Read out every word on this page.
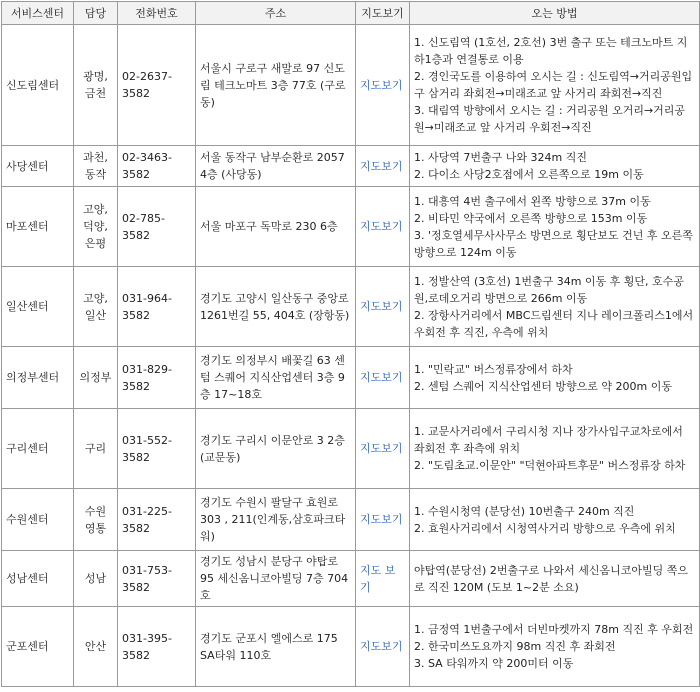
서비스센터	담당	전화번호	주소	지도보기	오는 방법
신도림센터	광명, 금천	02-2637-3582	서울시 구로구 새말로 97 신도림 테크노마트 3층 77호 (구로동)	지도보기	1. 신도림역 (1호선, 2호선) 3번 출구 또는 테크노마트 지하1층과 연결통로 이용
2. 경인국도를 이용하여 오시는 길 : 신도림역→거리공원입구 삼거리 좌회전→미래조교 앞 사거리 좌회전→직진
3. 대림역 방향에서 오시는 길 : 거리공원 오거리→거리공원→미래조교 앞 사거리 우회전→직진

사당센터	과천, 동작	02-3463-3582	서울 동작구 남부순환로 2057 4층 (사당동)	지도보기	1. 사당역 7번출구 나와 324m 직진
2. 다이소 사당2호점에서 오른쪽으로 19m 이동

마포센터	고양, 덕양, 은평	02-785-3582	서울 마포구 독막로 230 6층	지도보기	1. 대흥역 4번 출구에서 왼쪽 방향으로 37m 이동
2. 비타민 약국에서 오른쪽 방향으로 153m 이동
3. '정호열세무사사무소 방면으로 횡단보도 건넌 후 오른쪽 방향으로 124m 이동

일산센터	고양, 일산	031-964-3582	경기도 고양시 일산동구 중앙로 1261번길 55, 404호 (장항동)	지도보기	1. 정발산역 (3호선) 1번출구 34m 이동 후 횡단, 호수공원,로데오거리 방면으로 266m 이동
2. 장항사거리에서 MBC드림센터 지나 레이크폴리스1에서 우회전 후 직진, 우측에 위치

의정부센터	의정부	031-829-3582	경기도 의정부시 배꽃길 63 센텀 스퀘어 지식산업센터 3층 9층 17~18호	지도보기	1. "민락교" 버스정류장에서 하차
2. 센텀 스퀘어 지식산업센터 방향으로 약 200m 이동

구리센터	구리	031-552-3582	경기도 구리시 이문안로 3 2층 (교문동)	지도보기	1. 교문사거리에서 구리시청 지나 장가사입구교차로에서 좌회전 후 좌측에 위치
2. "도림초교.이문안" "덕현아파트후문" 버스정류장 하차

수원센터	수원 영통	031-225-3582	경기도 수원시 팔달구 효원로 303 , 211(인계동,삼호파크타워)	지도보기	1. 수원시청역 (분당선) 10번출구 240m 직진
2. 효원사거리에서 시청역사거리 방향으로 우측에 위치

성남센터	성남	031-753-3582	경기도 성남시 분당구 야탑로 95 세신옴니코아빌딩 7층 704호	지도 보기	야탑역(분당선) 2번출구로 나와서 세신옴니코아빌딩 쪽으로 직진 120M (도보 1~2분 소요)

군포센터	안산	031-395-3582	경기도 군포시 엘에스로 175 SA타워 110호	지도보기	1. 금정역 1번출구에서 더빈마켓까지 78m 직진 후 우회전
2. 한국미쓰도요까지 98m 직진 후 좌회전
3. SA 타워까지 약 200미터 이동
